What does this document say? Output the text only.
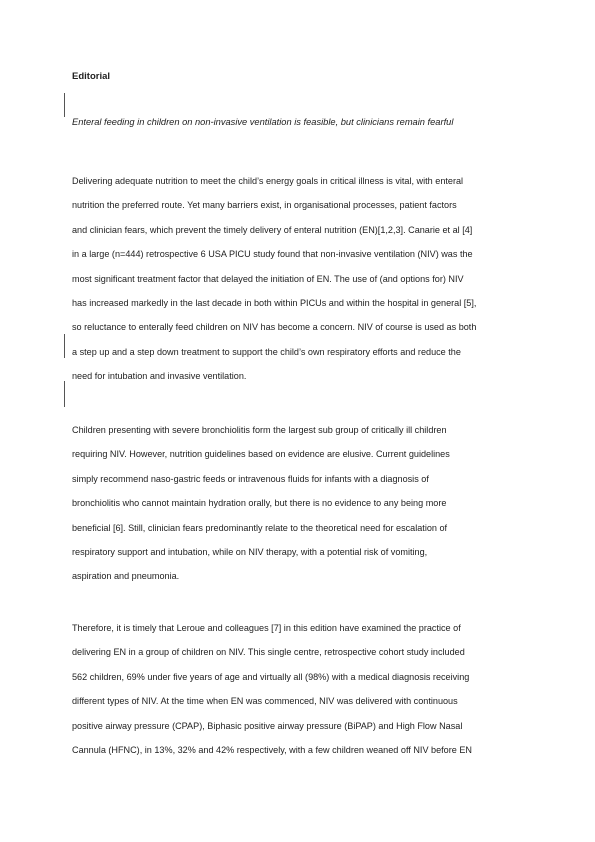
Editorial

Enteral feeding in children on non-invasive ventilation is feasible, but clinicians remain fearful

Delivering adequate nutrition to meet the child’s energy goals in critical illness is vital, with enteral
nutrition the preferred route. Yet many barriers exist, in organisational processes, patient factors
and clinician fears, which prevent the timely delivery of enteral nutrition (EN)[1,2,3]. Canarie et al [4]
in a large (n=444) retrospective 6 USA PICU study found that non-invasive ventilation (NIV) was the
most significant treatment factor that delayed the initiation of EN. The use of (and options for) NIV
has increased markedly in the last decade in both within PICUs and within the hospital in general [5],
so reluctance to enterally feed children on NIV has become a concern. NIV of course is used as both
a step up and a step down treatment to support the child’s own respiratory efforts and reduce the
need for intubation and invasive ventilation.
Children presenting with severe bronchiolitis form the largest sub group of critically ill children
requiring NIV. However, nutrition guidelines based on evidence are elusive. Current guidelines
simply recommend naso-gastric feeds or intravenous fluids for infants with a diagnosis of
bronchiolitis who cannot maintain hydration orally, but there is no evidence to any being more
beneficial [6]. Still, clinician fears predominantly relate to the theoretical need for escalation of
respiratory support and intubation, while on NIV therapy, with a potential risk of vomiting,
aspiration and pneumonia.
Therefore, it is timely that Leroue and colleagues [7] in this edition have examined the practice of
delivering EN in a group of children on NIV. This single centre, retrospective cohort study included
562 children, 69% under five years of age and virtually all (98%) with a medical diagnosis receiving
different types of NIV. At the time when EN was commenced, NIV was delivered with continuous
positive airway pressure (CPAP), Biphasic positive airway pressure (BiPAP) and High Flow Nasal
Cannula (HFNC), in 13%, 32% and 42% respectively, with a few children weaned off NIV before EN
